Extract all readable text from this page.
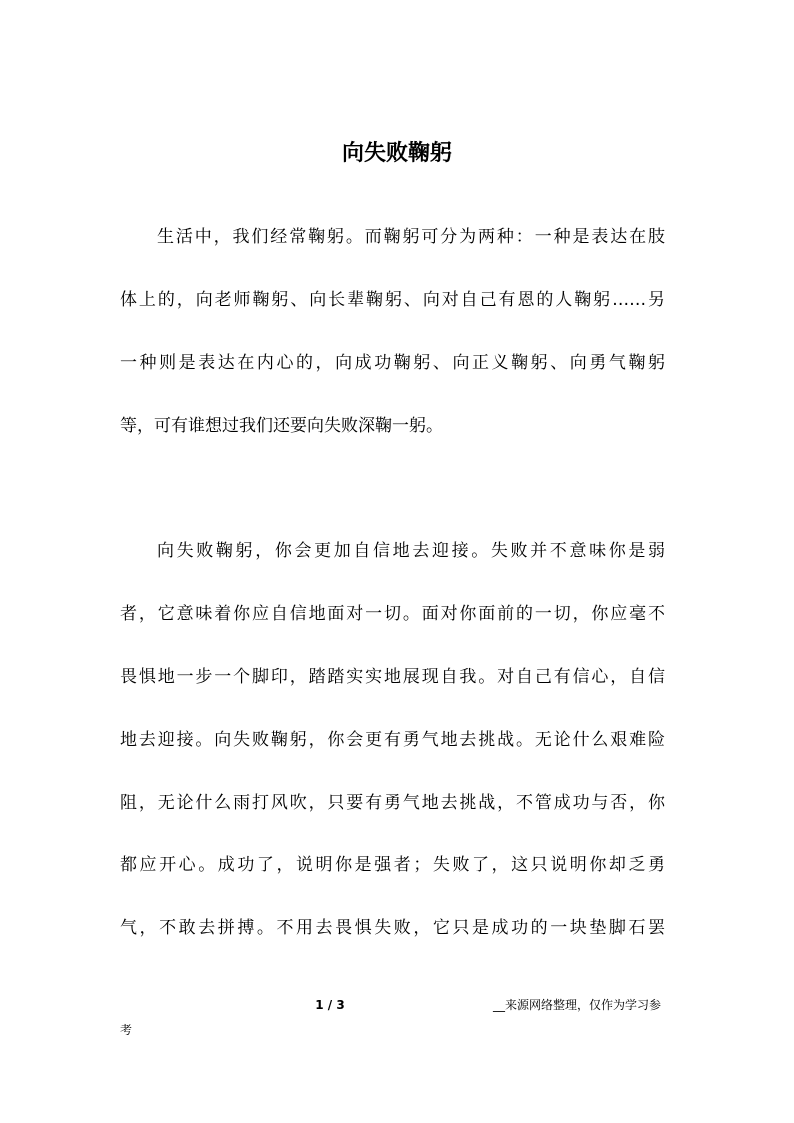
向失败鞠躬
生活中，我们经常鞠躬。而鞠躬可分为两种：一种是表达在肢
体上的，向老师鞠躬、向长辈鞠躬、向对自己有恩的人鞠躬……另
一种则是表达在内心的，向成功鞠躬、向正义鞠躬、向勇气鞠躬
等，可有谁想过我们还要向失败深鞠一躬。
向失败鞠躬，你会更加自信地去迎接。失败并不意味你是弱
者，它意味着你应自信地面对一切。面对你面前的一切，你应毫不
畏惧地一步一个脚印，踏踏实实地展现自我。对自己有信心，自信
地去迎接。向失败鞠躬，你会更有勇气地去挑战。无论什么艰难险
阻，无论什么雨打风吹，只要有勇气地去挑战，不管成功与否，你
都应开心。成功了，说明你是强者；失败了，这只说明你却乏勇
气，不敢去拼搏。不用去畏惧失败，它只是成功的一块垫脚石罢
1 / 3	__来源网络整理，仅作为学习参
考
